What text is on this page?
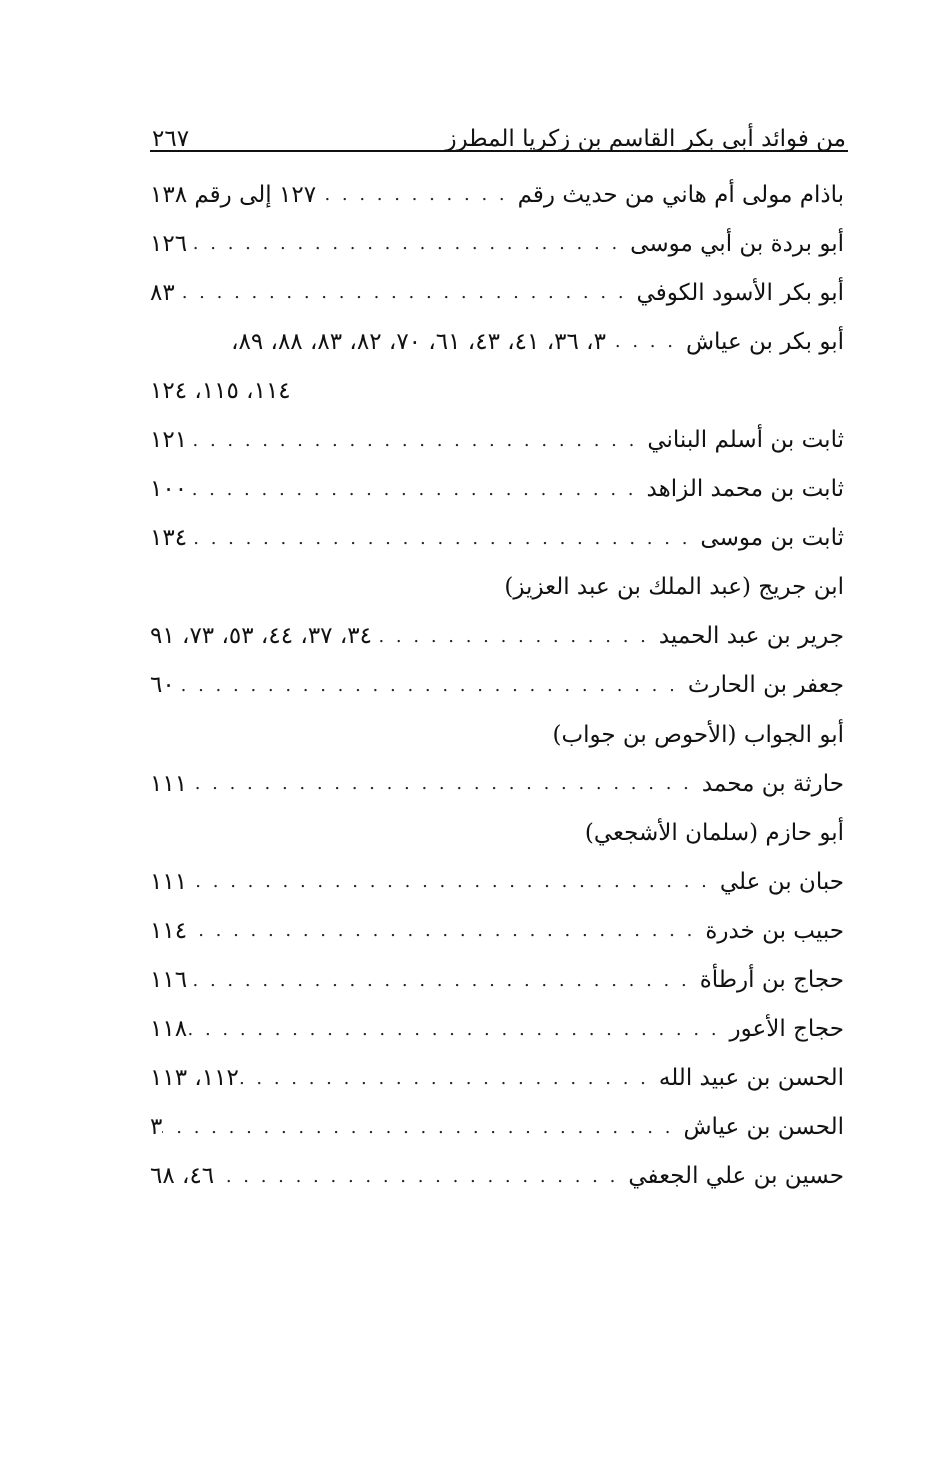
من فوائد أبي بكر القاسم بن زكريا المطرز
٢٦٧
باذام مولى أم هاني من حديث رقم
. . .
١٢٧ إلى رقم ١٣٨
أبو بردة بن أبي موسى
. . .
١٢٦
أبو بكر الأسود الكوفي
. . .
٨٣
أبو بكر بن عياش
. . .
٣، ٣٦، ٤١، ٤٣، ٦١، ٧٠، ٨٢، ٨٣، ٨٨، ٨٩،
١١٤، ١١٥، ١٢٤
ثابت بن أسلم البناني
. . .
١٢١
ثابت بن محمد الزاهد
. . .
١٠٠
ثابت بن موسى
. . .
١٣٤
ابن جريج (عبد الملك بن عبد العزيز)
جرير بن عبد الحميد
. . .
٣٤، ٣٧، ٤٤، ٥٣، ٧٣، ٩١
جعفر بن الحارث
. . .
٦٠
أبو الجواب (الأحوص بن جواب)
حارثة بن محمد
. . .
١١١
أبو حازم (سلمان الأشجعي)
حبان بن علي
. . .
١١١
حبيب بن خدرة
. . .
١١٤
حجاج بن أرطأة
. . .
١١٦
حجاج الأعور
. . .
١١٨
الحسن بن عبيد الله
. . .
١١٢، ١١٣
الحسن بن عياش
. . .
٣
حسين بن علي الجعفي
. . .
٤٦، ٦٨
